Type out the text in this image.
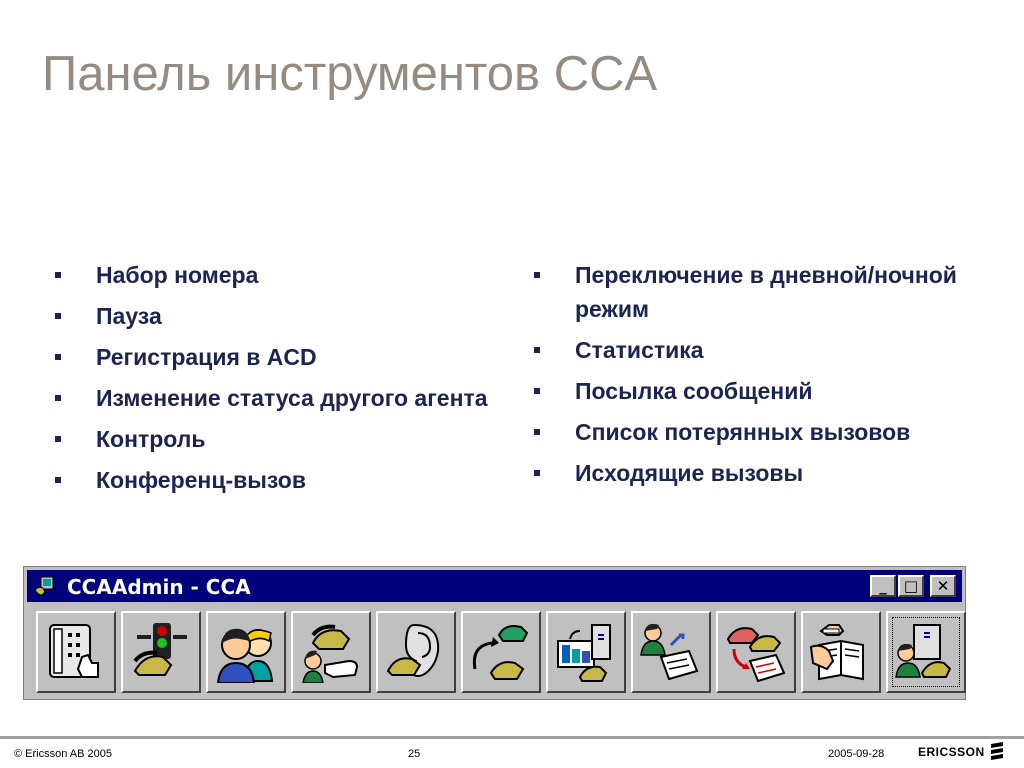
Панель инструментов CCA
Набор номера
Пауза
Регистрация в ACD
Изменение статуса другого агента
Контроль
Конференц-вызов
Переключение в дневной/ночной режим
Статистика
Посылка сообщений
Список потерянных вызовов
Исходящие вызовы
CCAAdmin - CCA	_	□	✕
© Ericsson AB 2005	25	2005-09-28	ERICSSON
